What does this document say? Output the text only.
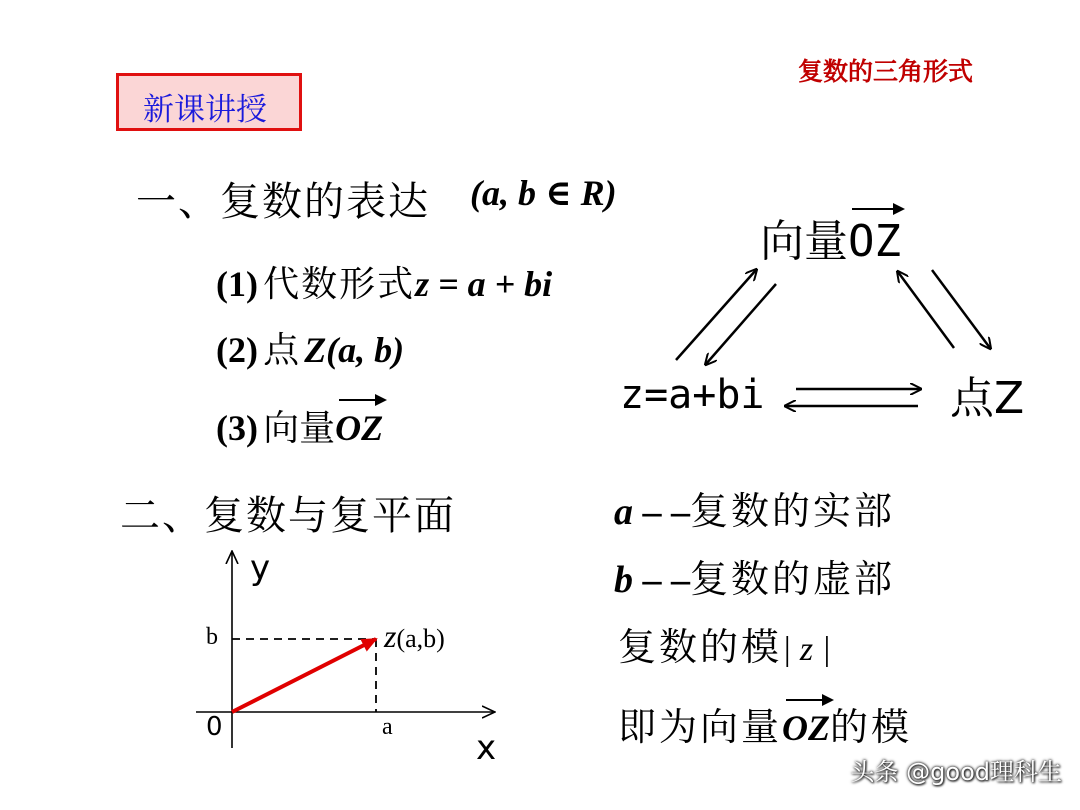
复数的三角形式
新课讲授
一、复数的表达 (a, b ∈ R)
(1) 代数形式z = a + bi
(2) 点 Z(a, b)
(3) 向量OZ
向量OZ
z=a+bi	点Z
二、复数与复平面	a – –复数的实部
b – –复数的虚部
复数的模| z |
即为向量OZ的模
y
x
0
b
a
z(a,b)
头条 @good理科生
